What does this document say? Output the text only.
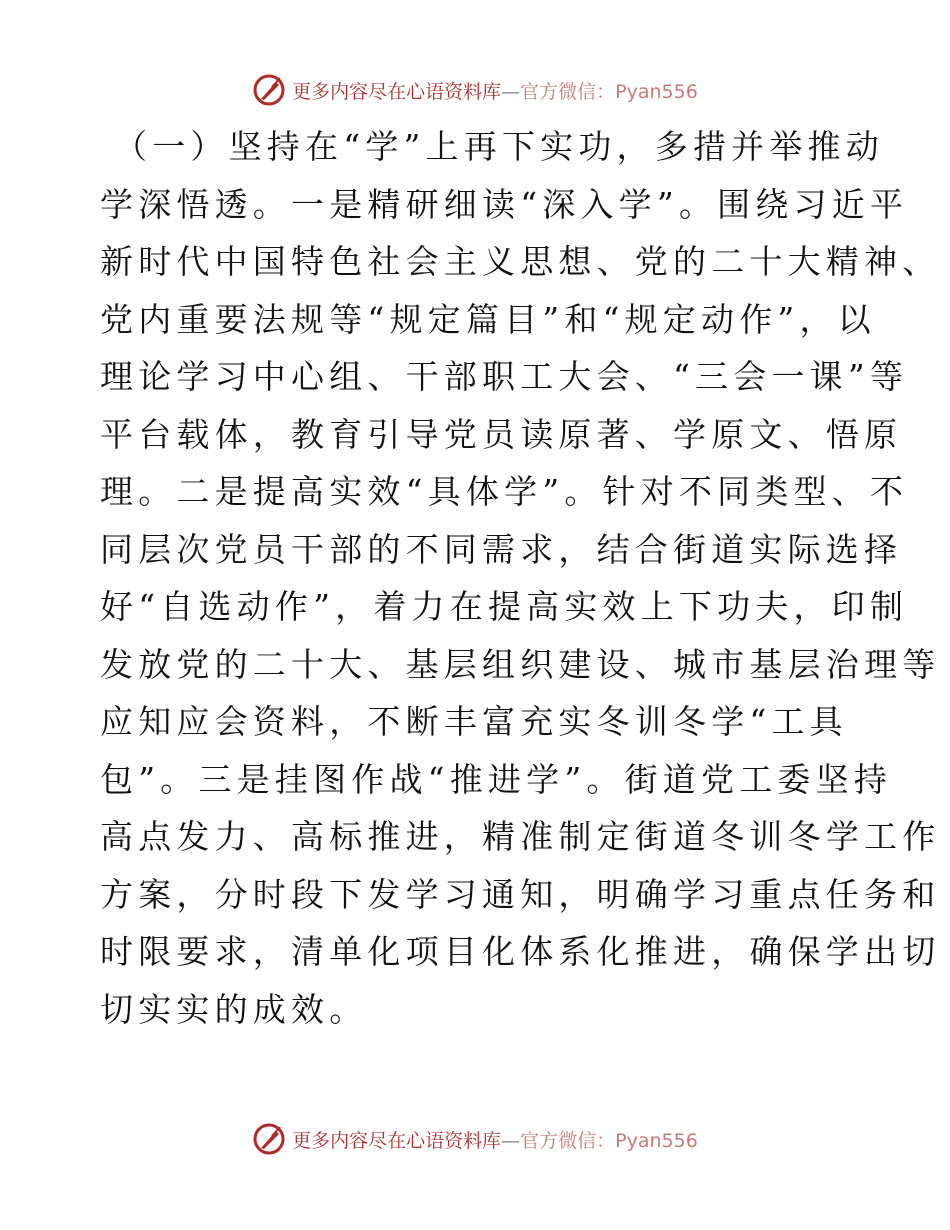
更多内容尽在心语资料库—官方微信：Pyan556
（一）坚持在“学”上再下实功，多措并举推动
学深悟透。一是精研细读“深入学”。围绕习近平
新时代中国特色社会主义思想、党的二十大精神、
党内重要法规等“规定篇目”和“规定动作”，以
理论学习中心组、干部职工大会、“三会一课”等
平台载体，教育引导党员读原著、学原文、悟原
理。二是提高实效“具体学”。针对不同类型、不
同层次党员干部的不同需求，结合街道实际选择
好“自选动作”，着力在提高实效上下功夫，印制
发放党的二十大、基层组织建设、城市基层治理等
应知应会资料，不断丰富充实冬训冬学“工具
包”。三是挂图作战“推进学”。街道党工委坚持
高点发力、高标推进，精准制定街道冬训冬学工作
方案，分时段下发学习通知，明确学习重点任务和
时限要求，清单化项目化体系化推进，确保学出切
切实实的成效。
更多内容尽在心语资料库—官方微信：Pyan556
